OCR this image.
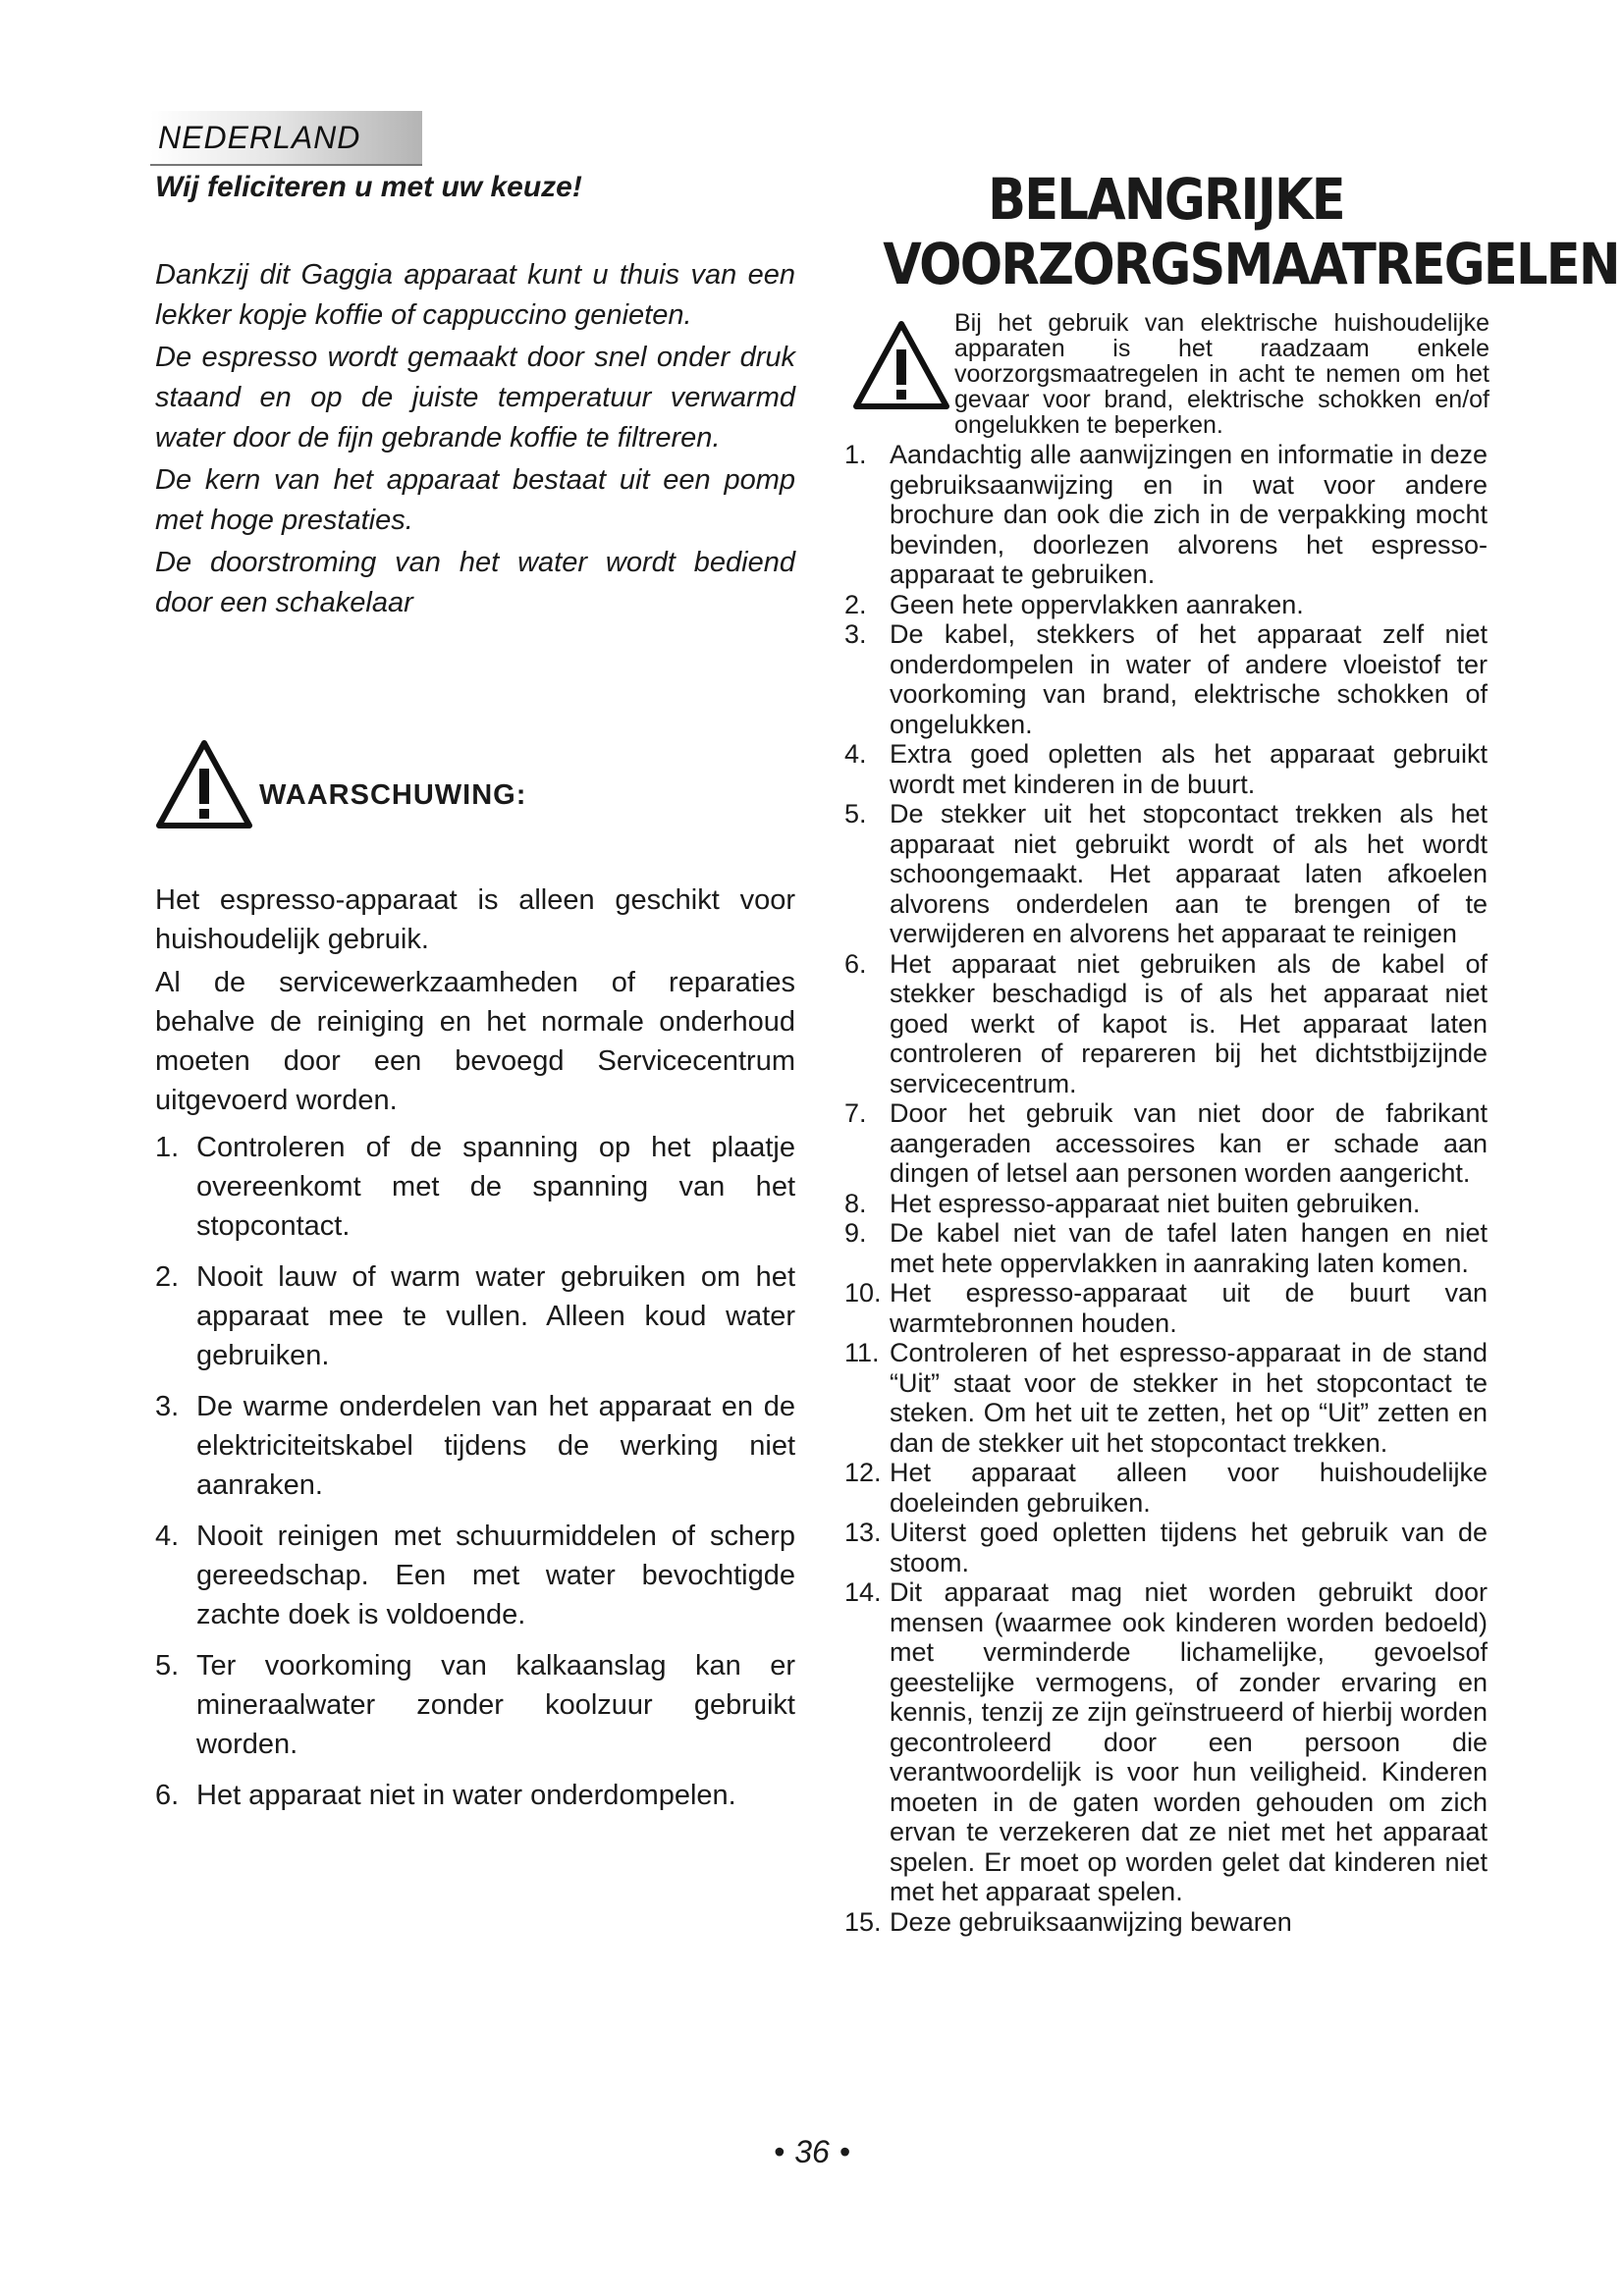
NEDERLAND

Wij feliciteren u met uw keuze!

Dankzij dit Gaggia apparaat kunt u thuis van een lekker kopje koffie of cappuccino genieten.

De espresso wordt gemaakt door snel onder druk staand en op de juiste temperatuur verwarmd water door de fijn gebrande koffie te filtreren.

De kern van het apparaat bestaat uit een pomp met hoge prestaties.

De doorstroming van het water wordt bediend door een schakelaar

WAARSCHUWING:

Het espresso-apparaat is alleen geschikt voor huishoudelijk gebruik.

Al de servicewerkzaamheden of reparaties behalve de reiniging en het normale onderhoud moeten door een bevoegd Servicecentrum uitgevoerd worden.

1. Controleren of de spanning op het plaatje overeenkomt met de spanning van het stopcontact.
2. Nooit lauw of warm water gebruiken om het apparaat mee te vullen. Alleen koud water gebruiken.
3. De warme onderdelen van het apparaat en de elektriciteitskabel tijdens de werking niet aanraken.
4. Nooit reinigen met schuurmiddelen of scherp gereedschap. Een met water bevochtigde zachte doek is voldoende.
5. Ter voorkoming van kalkaanslag kan er mineraalwater zonder koolzuur gebruikt worden.
6. Het apparaat niet in water onderdompelen.
BELANGRIJKE
VOORZORGSMAATREGELEN

Bij het gebruik van elektrische huishoudelijke apparaten is het raadzaam enkele voorzorgsmaatregelen in acht te nemen om het gevaar voor brand, elektrische schokken en/of ongelukken te beperken.

1. Aandachtig alle aanwijzingen en informatie in deze gebruiksaanwijzing en in wat voor andere brochure dan ook die zich in de verpakking mocht bevinden, doorlezen alvorens het espresso-apparaat te gebruiken.
2. Geen hete oppervlakken aanraken.
3. De kabel, stekkers of het apparaat zelf niet onderdompelen in water of andere vloeistof ter voorkoming van brand, elektrische schokken of ongelukken.
4. Extra goed opletten als het apparaat gebruikt wordt met kinderen in de buurt.
5. De stekker uit het stopcontact trekken als het apparaat niet gebruikt wordt of als het wordt schoongemaakt. Het apparaat laten afkoelen alvorens onderdelen aan te brengen of te verwijderen en alvorens het apparaat te reinigen
6. Het apparaat niet gebruiken als de kabel of stekker beschadigd is of als het apparaat niet goed werkt of kapot is. Het apparaat laten controleren of repareren bij het dichtstbijzijnde servicecentrum.
7. Door het gebruik van niet door de fabrikant aangeraden accessoires kan er schade aan dingen of letsel aan personen worden aangericht.
8. Het espresso-apparaat niet buiten gebruiken.
9. De kabel niet van de tafel laten hangen en niet met hete oppervlakken in aanraking laten komen.
10. Het espresso-apparaat uit de buurt van warmtebronnen houden.
11. Controleren of het espresso-apparaat in de stand “Uit” staat voor de stekker in het stopcontact te steken. Om het uit te zetten, het op “Uit” zetten en dan de stekker uit het stopcontact trekken.
12. Het apparaat alleen voor huishoudelijke doeleinden gebruiken.
13. Uiterst goed opletten tijdens het gebruik van de stoom.
14. Dit apparaat mag niet worden gebruikt door mensen (waarmee ook kinderen worden bedoeld) met verminderde lichamelijke, gevoelsof geestelijke vermogens, of zonder ervaring en kennis, tenzij ze zijn geïnstrueerd of hierbij worden gecontroleerd door een persoon die verantwoordelijk is voor hun veiligheid. Kinderen moeten in de gaten worden gehouden om zich ervan te verzekeren dat ze niet met het apparaat spelen. Er moet op worden gelet dat kinderen niet met het apparaat spelen.
15. Deze gebruiksaanwijzing bewaren
• 36 •
